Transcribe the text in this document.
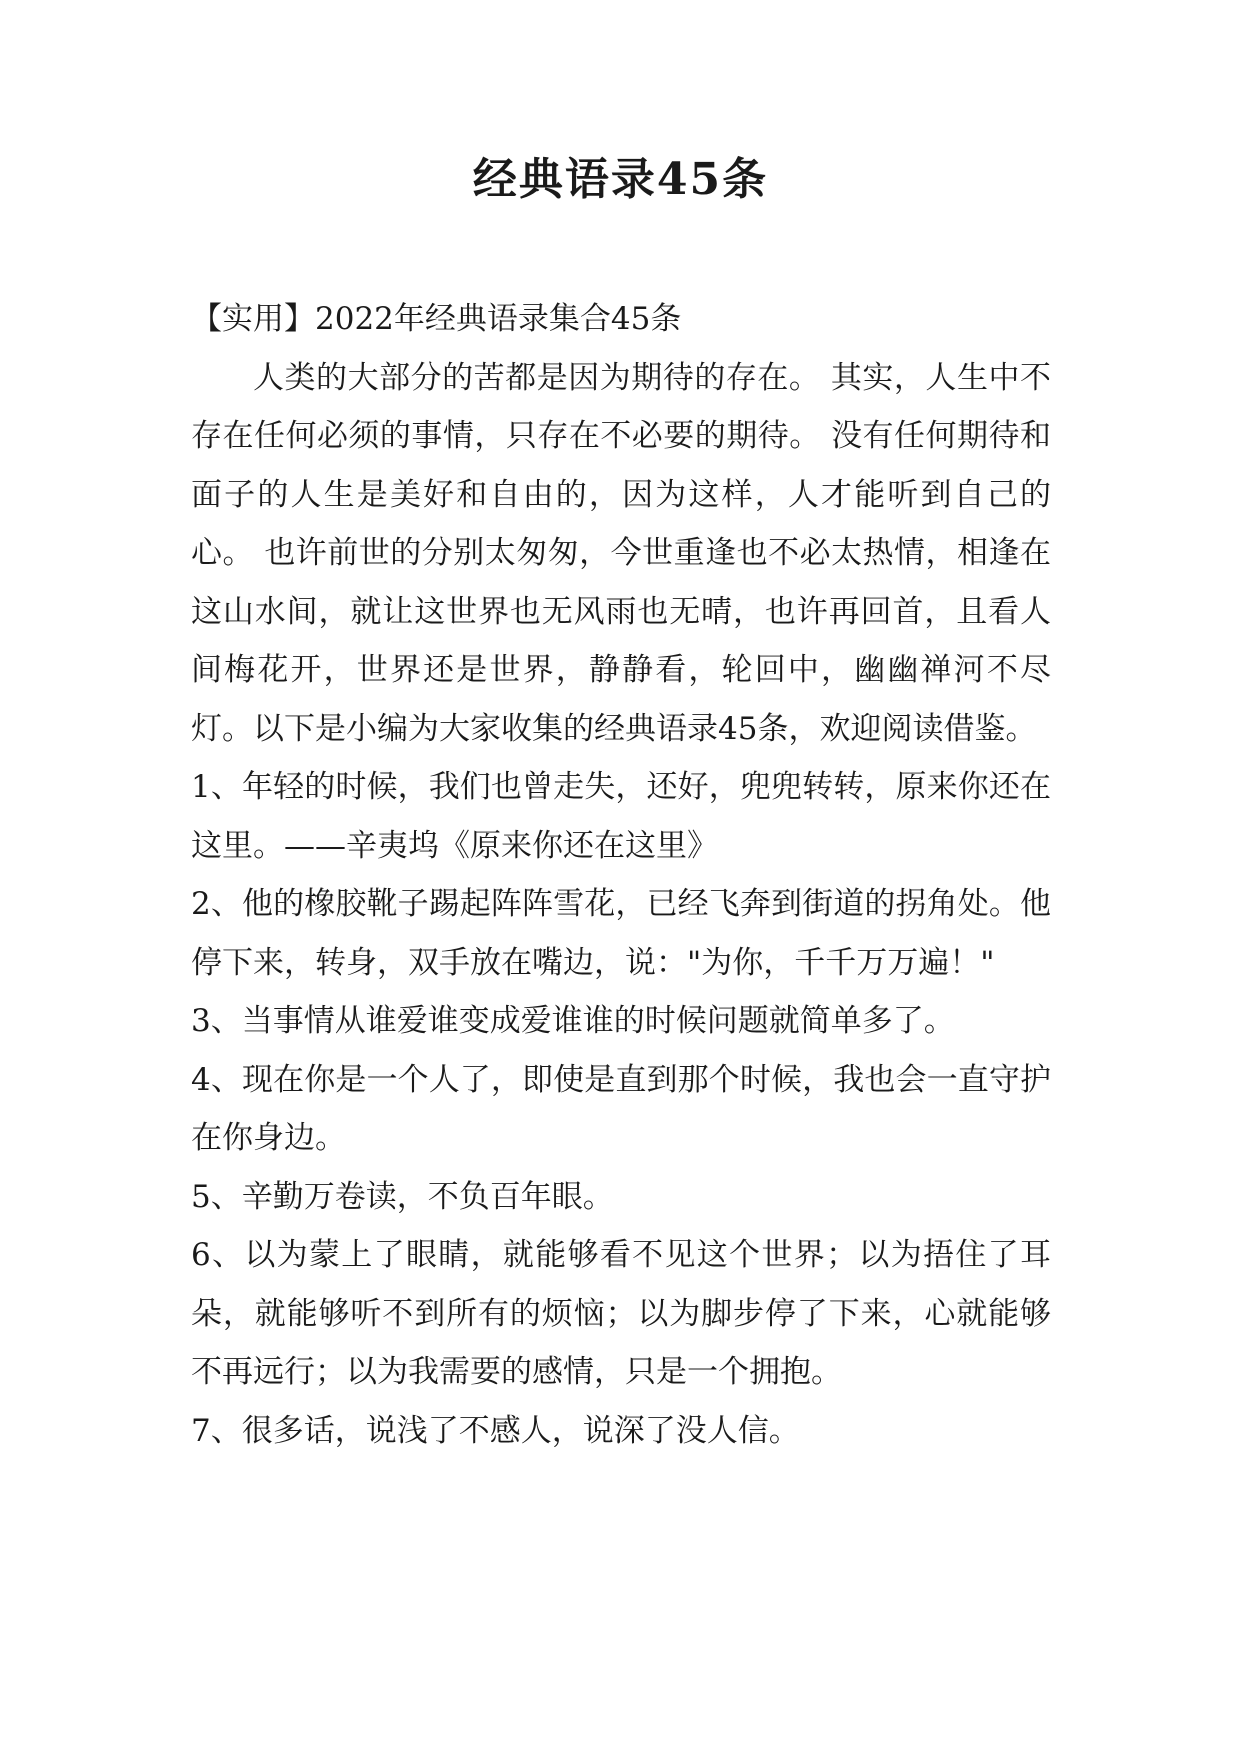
经典语录45条

【实用】2022年经典语录集合45条

人类的大部分的苦都是因为期待的存在。 其实，人生中不存在任何必须的事情，只存在不必要的期待。 没有任何期待和面子的人生是美好和自由的，因为这样，人才能听到自己的心。 也许前世的分别太匆匆，今世重逢也不必太热情，相逢在这山水间，就让这世界也无风雨也无晴，也许再回首，且看人间梅花开，世界还是世界，静静看，轮回中，幽幽禅河不尽灯。以下是小编为大家收集的经典语录45条，欢迎阅读借鉴。

1、年轻的时候，我们也曾走失，还好，兜兜转转，原来你还在这里。——辛夷坞《原来你还在这里》

2、他的橡胶靴子踢起阵阵雪花，已经飞奔到街道的拐角处。他停下来，转身，双手放在嘴边，说："为你，千千万万遍！"

3、当事情从谁爱谁变成爱谁谁的时候问题就简单多了。

4、现在你是一个人了，即使是直到那个时候，我也会一直守护在你身边。

5、辛勤万卷读，不负百年眼。

6、以为蒙上了眼睛，就能够看不见这个世界；以为捂住了耳朵，就能够听不到所有的烦恼；以为脚步停了下来，心就能够不再远行；以为我需要的感情，只是一个拥抱。

7、很多话，说浅了不感人，说深了没人信。
